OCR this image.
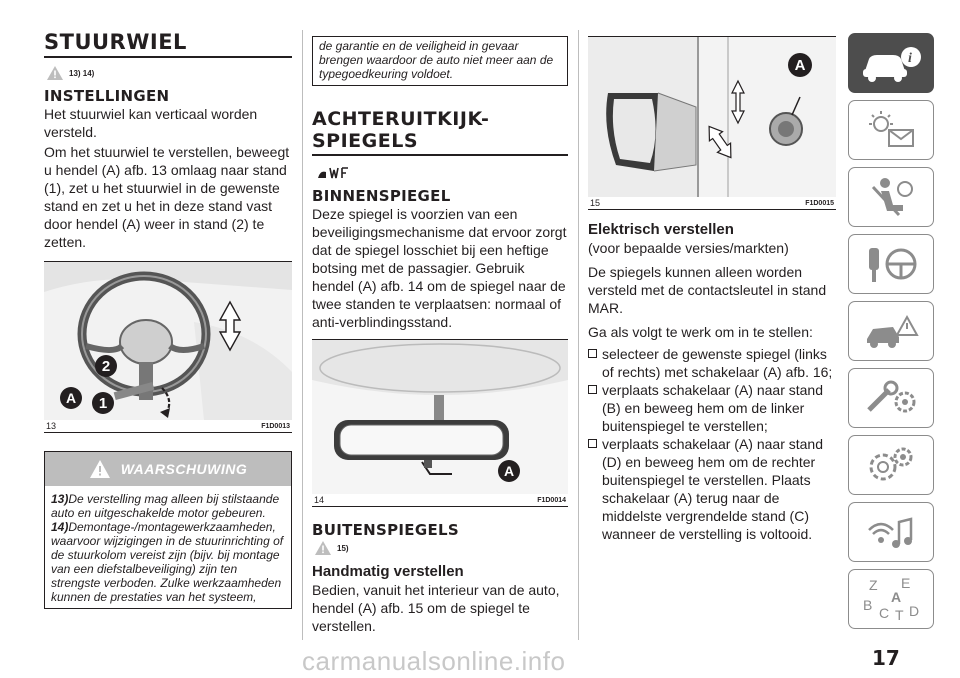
STUURWIEL
13) 14)
INSTELLINGEN

Het stuurwiel kan verticaal worden versteld.

Om het stuurwiel te verstellen, beweegt u hendel (A) afb. 13 omlaag naar stand (1), zet u het stuurwiel in de gewenste stand en zet u het in deze stand vast door hendel (A) weer in stand (2) te zetten.

2
A 1
13	F1D0013
WAARSCHUWING

13)De verstelling mag alleen bij stilstaande auto en uitgeschakelde motor gebeuren.

14)Demontage-/montagewerkzaamheden, waarvoor wijzigingen in de stuurinrichting of de stuurkolom vereist zijn (bijv. bij montage van een diefstalbeveiliging) zijn ten strengste verboden. Zulke werkzaamheden kunnen de prestaties van het systeem,

de garantie en de veiligheid in gevaar brengen waardoor de auto niet meer aan de typegoedkeuring voldoet.
ACHTERUITKIJK-SPIEGELS
BINNENSPIEGEL

Deze spiegel is voorzien van een beveiligingsmechanisme dat ervoor zorgt dat de spiegel losschiet bij een heftige botsing met de passagier. Gebruik hendel (A) afb. 14 om de spiegel naar de twee standen te verplaatsen: normaal of anti-verblindingsstand.

A
14	F1D0014
BUITENSPIEGELS
15)
Handmatig verstellen

Bedien, vanuit het interieur van de auto, hendel (A) afb. 15 om de spiegel te verstellen.

A
15	F1D0015
Elektrisch verstellen

(voor bepaalde versies/markten)

De spiegels kunnen alleen worden versteld met de contactsleutel in stand MAR.

Ga als volgt te werk om in te stellen:

selecteer de gewenste spiegel (links of rechts) met schakelaar (A) afb. 16;
verplaats schakelaar (A) naar stand (B) en beweeg hem om de linker buitenspiegel te verstellen;
verplaats schakelaar (A) naar stand (D) en beweeg hem om de rechter buitenspiegel te verstellen. Plaats schakelaar (A) terug naar de middelste vergrendelde stand (C) wanneer de verstelling is voltooid.
i
Z E
A
B C T D
carmanualsonline.info	17
